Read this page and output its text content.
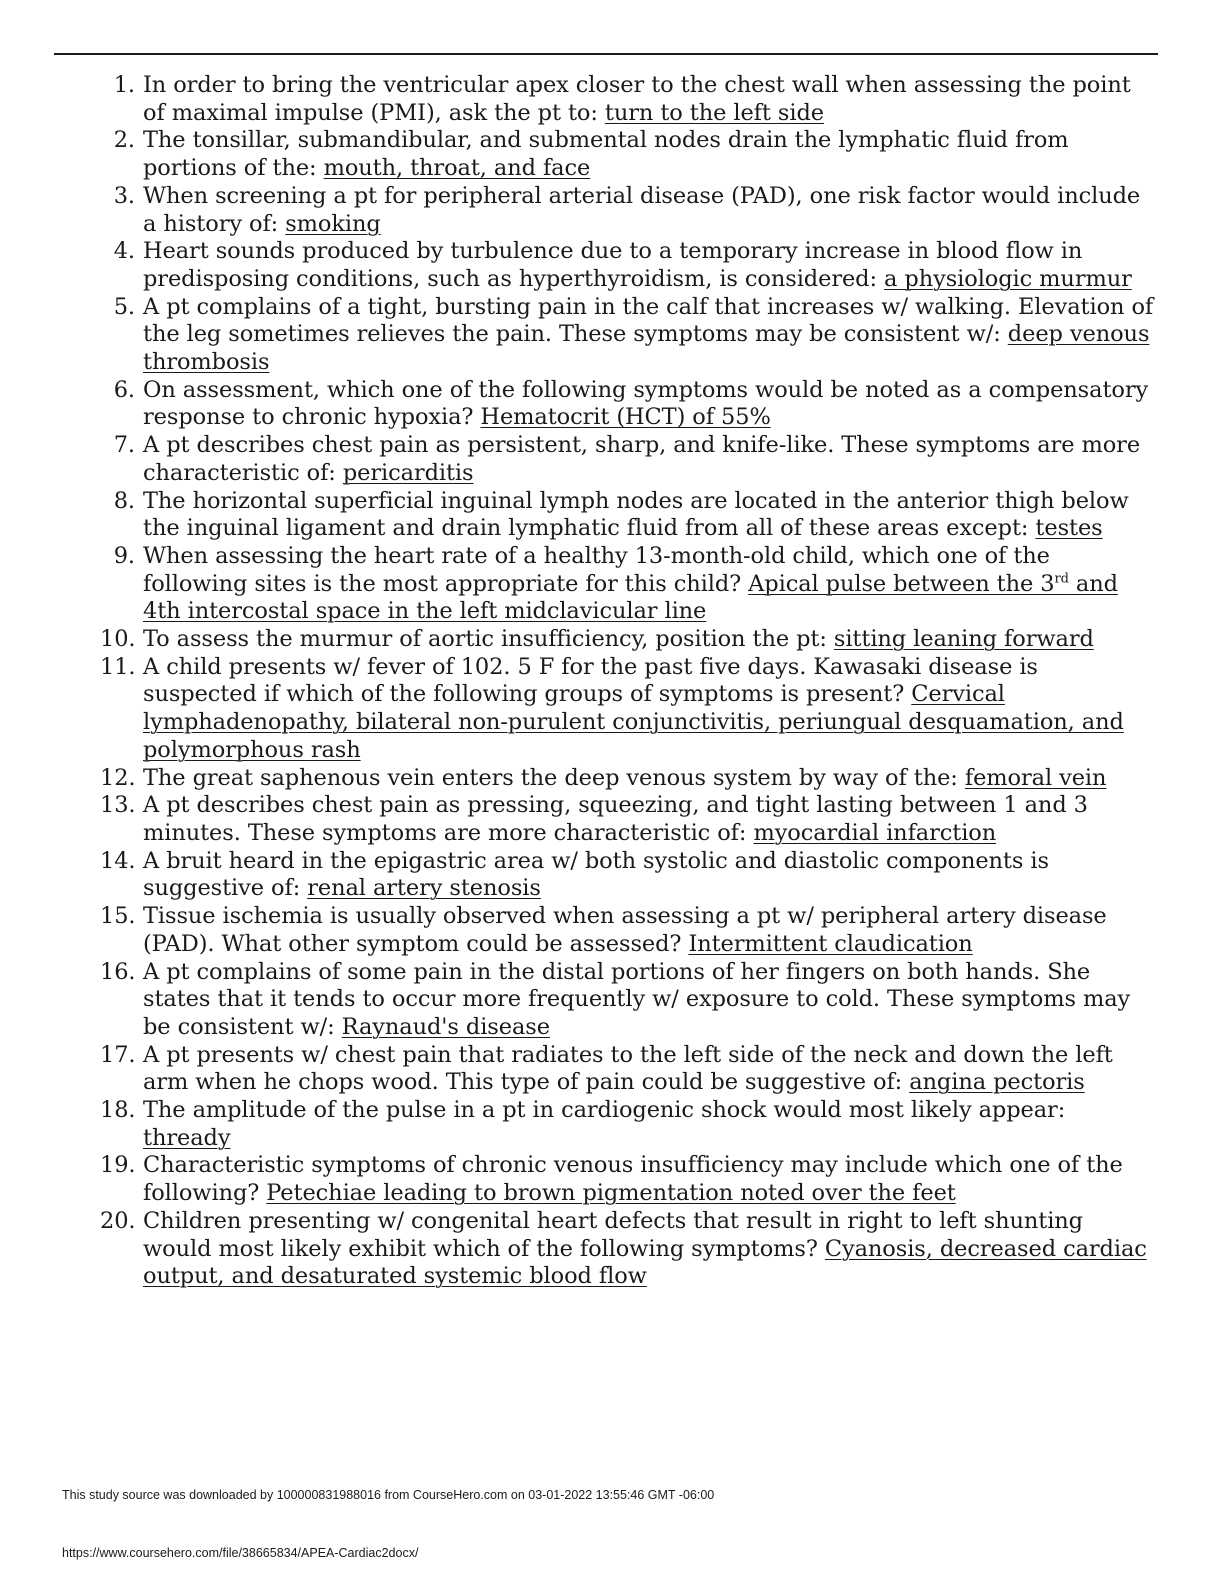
1. In order to bring the ventricular apex closer to the chest wall when assessing the point of maximal impulse (PMI), ask the pt to: turn to the left side
2. The tonsillar, submandibular, and submental nodes drain the lymphatic fluid from portions of the: mouth, throat, and face
3. When screening a pt for peripheral arterial disease (PAD), one risk factor would include a history of: smoking
4. Heart sounds produced by turbulence due to a temporary increase in blood flow in predisposing conditions, such as hyperthyroidism, is considered: a physiologic murmur
5. A pt complains of a tight, bursting pain in the calf that increases w/ walking. Elevation of the leg sometimes relieves the pain. These symptoms may be consistent w/: deep venous thrombosis
6. On assessment, which one of the following symptoms would be noted as a compensatory response to chronic hypoxia? Hematocrit (HCT) of 55%
7. A pt describes chest pain as persistent, sharp, and knife-like. These symptoms are more characteristic of: pericarditis
8. The horizontal superficial inguinal lymph nodes are located in the anterior thigh below the inguinal ligament and drain lymphatic fluid from all of these areas except: testes
9. When assessing the heart rate of a healthy 13-month-old child, which one of the following sites is the most appropriate for this child? Apical pulse between the 3rd and 4th intercostal space in the left midclavicular line
10. To assess the murmur of aortic insufficiency, position the pt: sitting leaning forward
11. A child presents w/ fever of 102. 5 F for the past five days. Kawasaki disease is suspected if which of the following groups of symptoms is present? Cervical lymphadenopathy, bilateral non-purulent conjunctivitis, periungual desquamation, and polymorphous rash
12. The great saphenous vein enters the deep venous system by way of the: femoral vein
13. A pt describes chest pain as pressing, squeezing, and tight lasting between 1 and 3 minutes. These symptoms are more characteristic of: myocardial infarction
14. A bruit heard in the epigastric area w/ both systolic and diastolic components is suggestive of: renal artery stenosis
15. Tissue ischemia is usually observed when assessing a pt w/ peripheral artery disease (PAD). What other symptom could be assessed? Intermittent claudication
16. A pt complains of some pain in the distal portions of her fingers on both hands. She states that it tends to occur more frequently w/ exposure to cold. These symptoms may be consistent w/: Raynaud's disease
17. A pt presents w/ chest pain that radiates to the left side of the neck and down the left arm when he chops wood. This type of pain could be suggestive of: angina pectoris
18. The amplitude of the pulse in a pt in cardiogenic shock would most likely appear: thready
19. Characteristic symptoms of chronic venous insufficiency may include which one of the following? Petechiae leading to brown pigmentation noted over the feet
20. Children presenting w/ congenital heart defects that result in right to left shunting would most likely exhibit which of the following symptoms? Cyanosis, decreased cardiac output, and desaturated systemic blood flow
This study source was downloaded by 100000831988016 from CourseHero.com on 03-01-2022 13:55:46 GMT -06:00
https://www.coursehero.com/file/38665834/APEA-Cardiac2docx/
